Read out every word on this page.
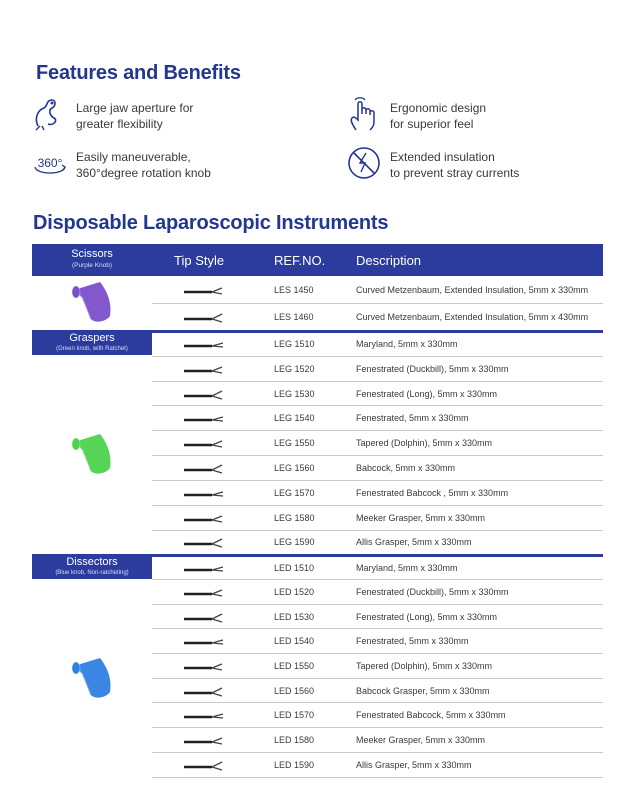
Features and Benefits
Large jaw aperture for
greater flexibility
Ergonomic design
for superior feel
360° Easily maneuverable,
360°degree rotation knob
Extended insulation
to prevent stray currents
Disposable Laparoscopic Instruments
Scissors
(Purple Knob)	Tip Style	REF.NO.	Description

	LES 1450	Curved Metzenbaum, Extended Insulation, 5mm x 330mm

	LES 1460	Curved Metzenbaum, Extended Insulation, 5mm x 430mm

Graspers
(Green knob, with Ratchet)		LEG 1510	Maryland, 5mm x 330mm

	LEG 1520	Fenestrated (Duckbill), 5mm x 330mm

	LEG 1530	Fenestrated (Long), 5mm x 330mm

	LEG 1540	Fenestrated, 5mm x 330mm

	LEG 1550	Tapered (Dolphin), 5mm x 330mm

	LEG 1560	Babcock, 5mm x 330mm

	LEG 1570	Fenestrated Babcock , 5mm x 330mm

	LEG 1580	Meeker Grasper, 5mm x 330mm

	LEG 1590	Allis Grasper, 5mm x 330mm

Dissectors
(Blue knob, Non-ratcheting)		LED 1510	Maryland, 5mm x 330mm

	LED 1520	Fenestrated (Duckbill), 5mm x 330mm

	LED 1530	Fenestrated (Long), 5mm x 330mm

	LED 1540	Fenestrated, 5mm x 330mm

	LED 1550	Tapered (Dolphin), 5mm x 330mm

	LED 1560	Babcock Grasper, 5mm x 330mm

	LED 1570	Fenestrated Babcock, 5mm x 330mm

	LED 1580	Meeker Grasper, 5mm x 330mm

	LED 1590	Allis Grasper, 5mm x 330mm
